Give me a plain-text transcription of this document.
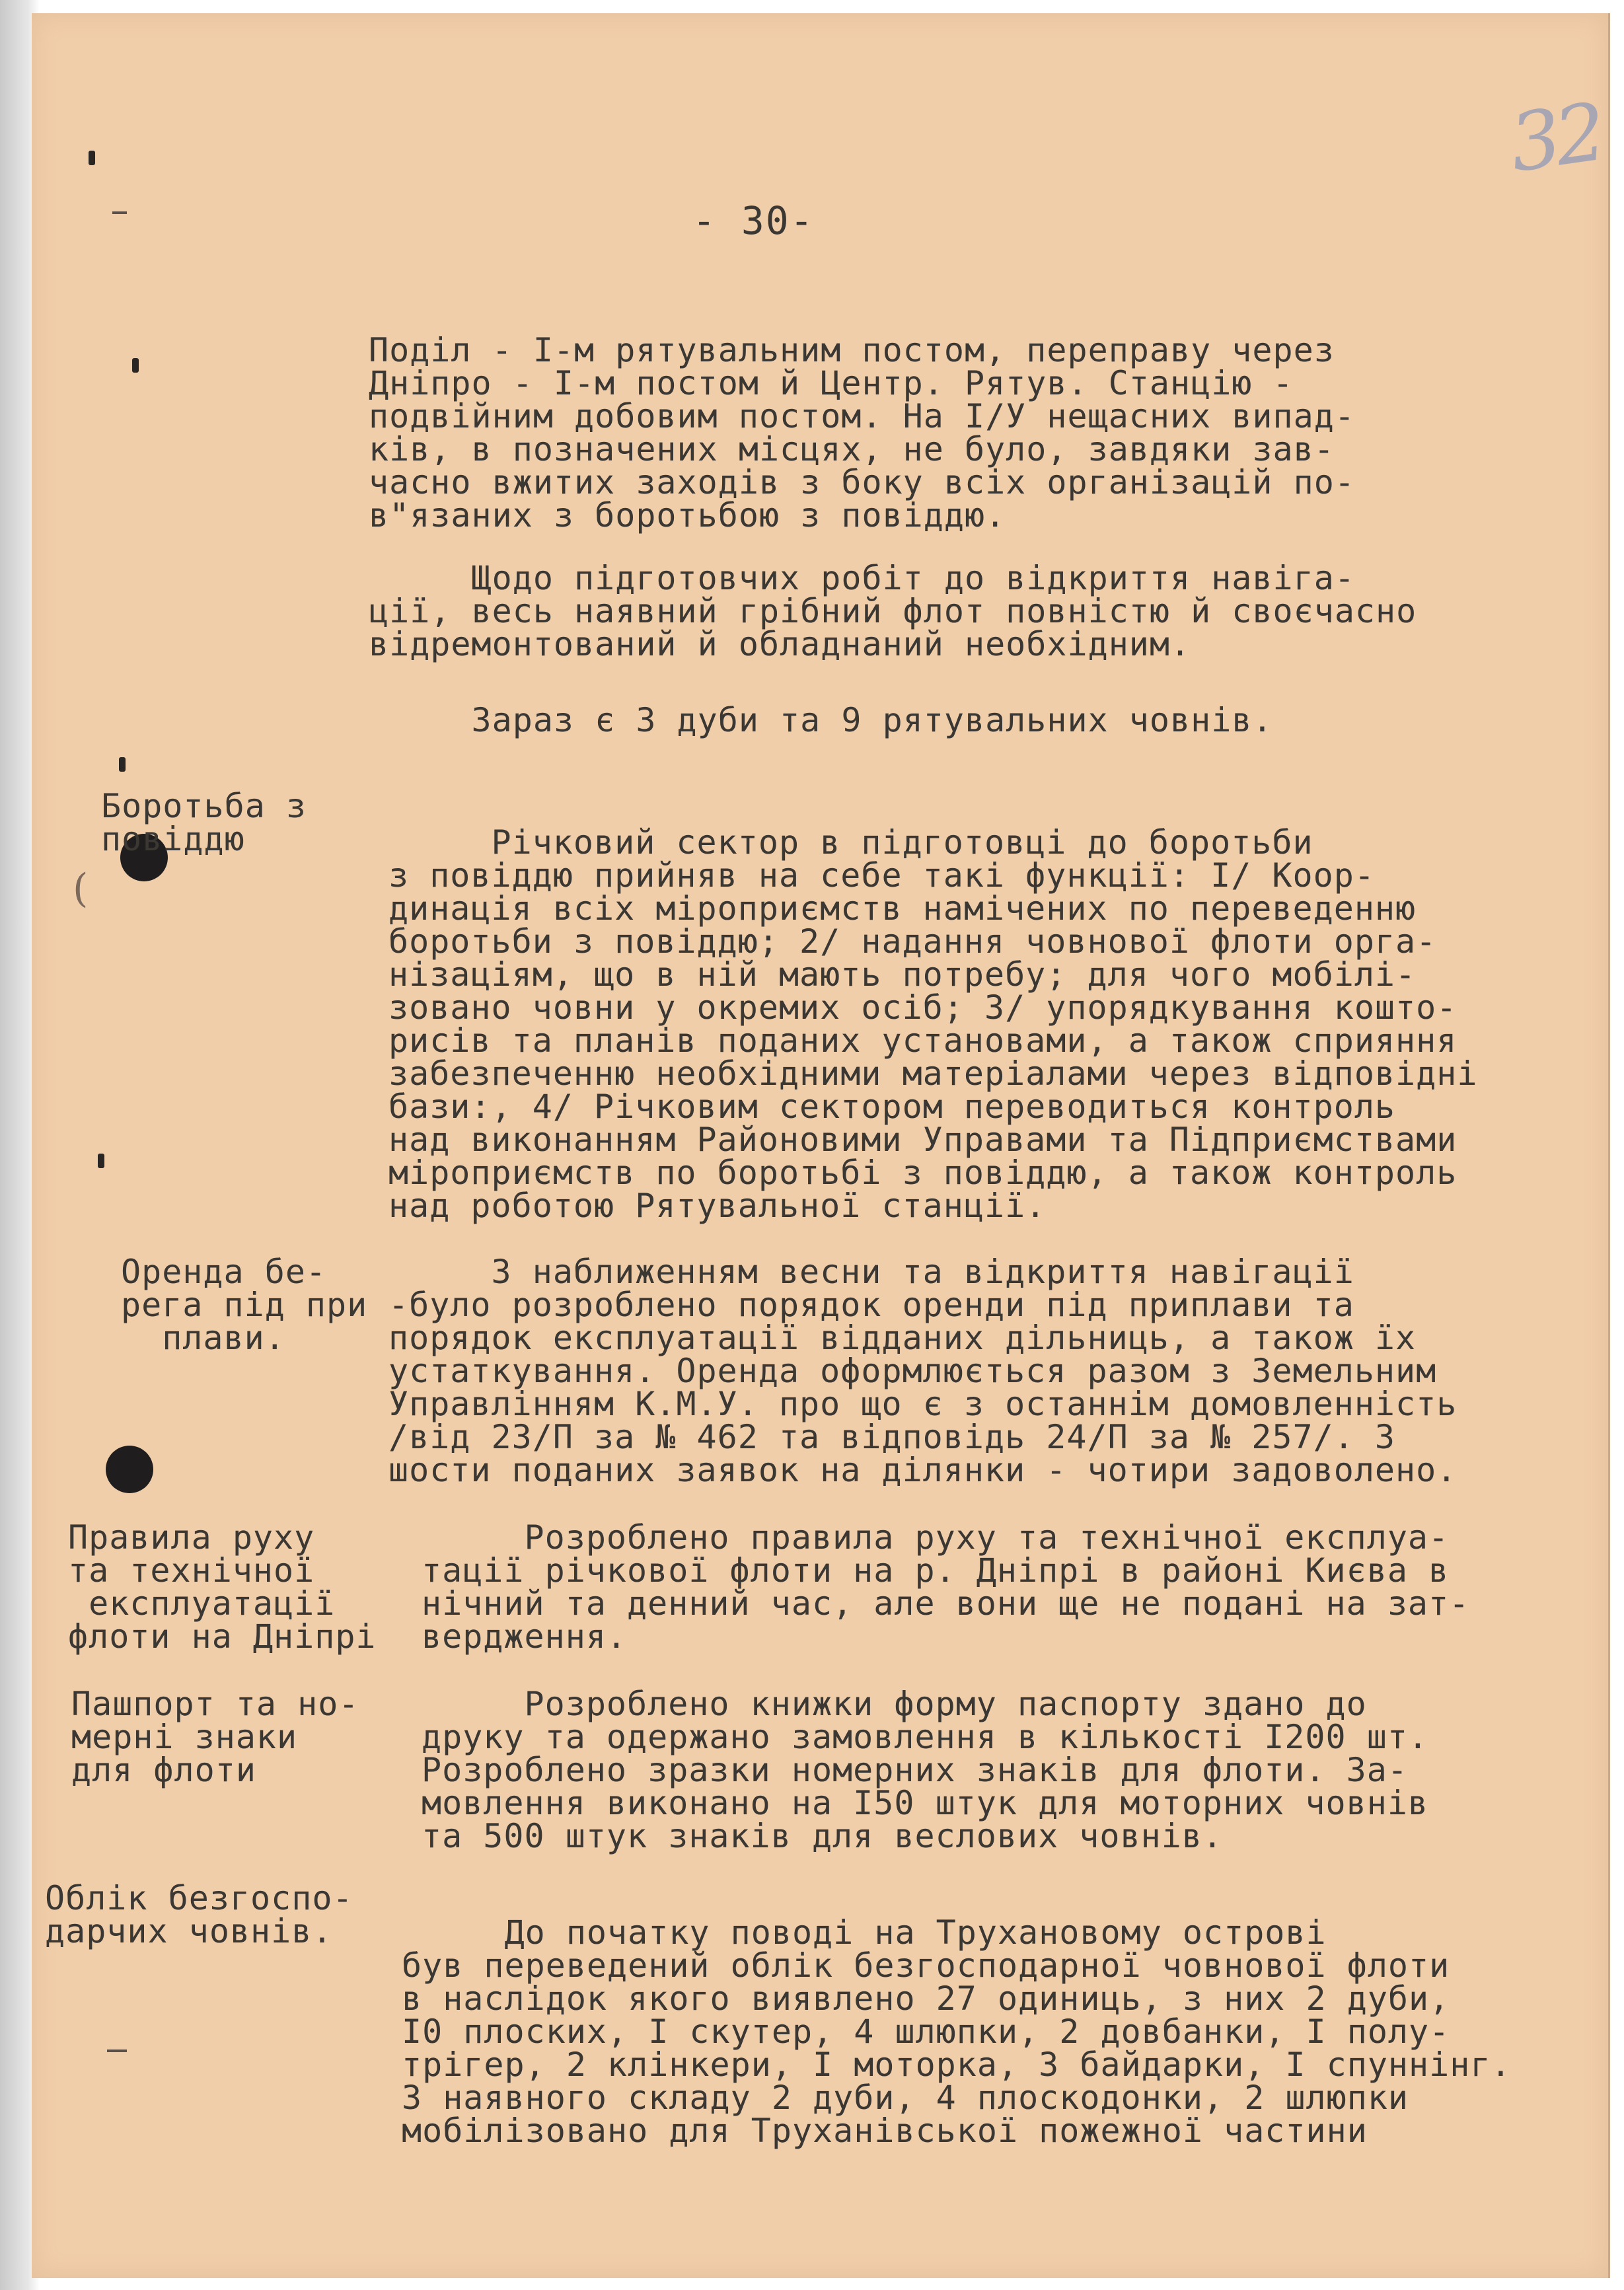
32
- 30-
(
Поділ - I-м рятувальним постом, переправу через
Дніпро - I-м постом й Центр. Рятув. Станцію -
подвійним добовим постом. На I/У нещасних випад-
ків, в позначених місцях, не було, завдяки зав-
часно вжитих заходів з боку всіх організацій по-
в"язаних з боротьбою з повіддю.
Щодо підготовчих робіт до відкриття навіга-
ції, весь наявний грібний флот повністю й своєчасно
відремонтований й обладнаний необхідним.
Зараз є 3 дуби та 9 рятувальних човнів.
Боротьба з
повіддю	Річковий сектор в підготовці до боротьби
з повіддю прийняв на себе такі функції: I/ Коор-
динація всіх міроприємств намічених по переведенню
боротьби з повіддю; 2/ надання човнової флоти орга-
нізаціям, що в ній мають потребу; для чого мобілі-
зовано човни у окремих осіб; 3/ упорядкування кошто-
рисів та планів поданих установами, а також сприяння
забезпеченню необхідними матеріалами через відповідні
бази:, 4/ Річковим сектором переводиться контроль
над виконанням Районовими Управами та Підприємствами
міроприємств по боротьбі з повіддю, а також контроль
над роботою Рятувальної станції.
Оренда бе-
рега під при
плави.
З наближенням весни та відкриття навігації
-було розроблено порядок оренди під приплави та
порядок експлуатації відданих дільниць, а також їх
устаткування. Оренда оформлюється разом з Земельним
Управлінням К.М.У. про що є з останнім домовленність
/від 23/П за № 462 та відповідь 24/П за № 257/. З
шости поданих заявок на ділянки - чотири задоволено.
Правила руху
та технічної
експлуатації
флоти на Дніпрі
Розроблено правила руху та технічної експлуа-
тації річкової флоти на р. Дніпрі в районі Києва в
нічний та денний час, але вони ще не подані на зат-
вердження.
Пашпорт та но-
мерні знаки
для флоти
Розроблено книжки форму паспорту здано до
друку та одержано замовлення в кількості I200 шт.
Розроблено зразки номерних знаків для флоти. За-
мовлення виконано на I50 штук для моторних човнів
та 500 штук знаків для веслових човнів.
Облік безгоспо-
дарчих човнів.	До початку поводі на Трухановому острові
був переведений облік безгосподарної човнової флоти
в наслідок якого виявлено 27 одиниць, з них 2 дуби,
I0 плоских, I скутер, 4 шлюпки, 2 довбанки, I полу-
трігер, 2 клінкери, I моторка, 3 байдарки, I спуннінг.
З наявного складу 2 дуби, 4 плоскодонки, 2 шлюпки
мобілізовано для Труханівської пожежної частини
